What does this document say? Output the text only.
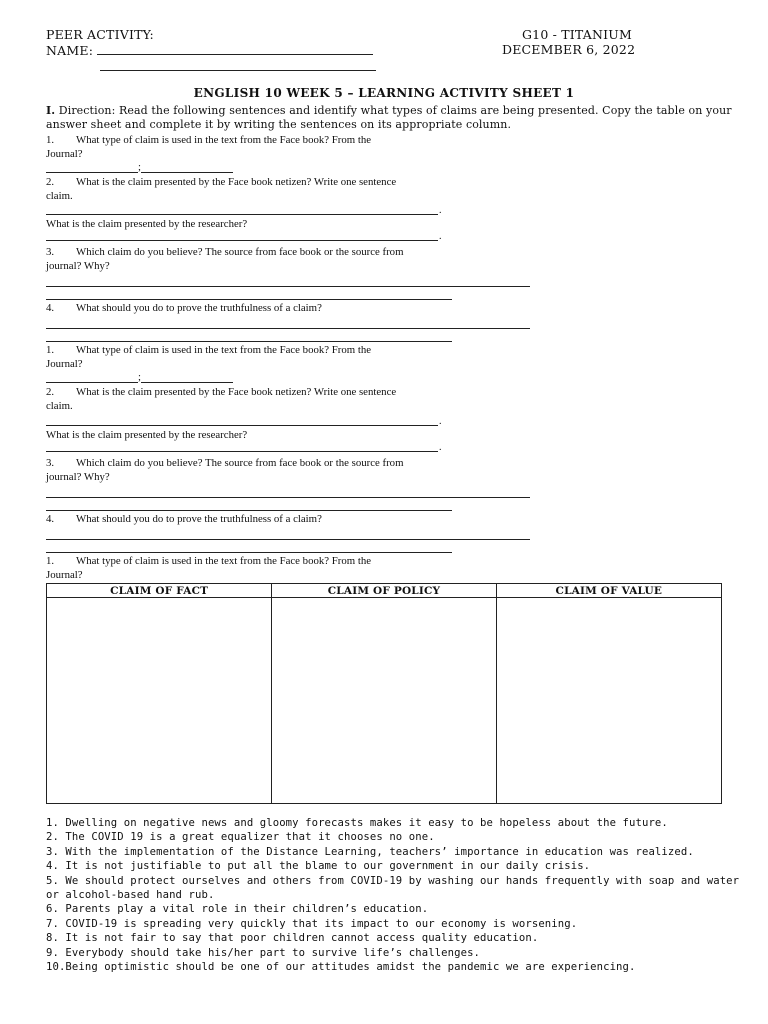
PEER ACTIVITY:
NAME:
G10 - TITANIUM
DECEMBER 6, 2022
ENGLISH 10 WEEK 5 – LEARNING ACTIVITY SHEET 1
I. Direction: Read the following sentences and identify what types of claims are being presented. Copy the table on your answer sheet and complete it by writing the sentences on its appropriate column.
1. What type of claim is used in the text from the Face book? From the
Journal?
;
2. What is the claim presented by the Face book netizen? Write one sentence
claim.
.
What is the claim presented by the researcher?
.
3. Which claim do you believe? The source from face book or the source from
journal? Why?
4. What should you do to prove the truthfulness of a claim?
1. What type of claim is used in the text from the Face book? From the
Journal?
;
2. What is the claim presented by the Face book netizen? Write one sentence
claim.
.
What is the claim presented by the researcher?
.
3. Which claim do you believe? The source from face book or the source from
journal? Why?
4. What should you do to prove the truthfulness of a claim?
1. What type of claim is used in the text from the Face book? From the
Journal?
CLAIM OF FACT	CLAIM OF POLICY	CLAIM OF VALUE

1. Dwelling on negative news and gloomy forecasts makes it easy to be hopeless about the future.
2. The COVID 19 is a great equalizer that it chooses no one.
3. With the implementation of the Distance Learning, teachers’ importance in education was realized.
4. It is not justifiable to put all the blame to our government in our daily crisis.
5. We should protect ourselves and others from COVID-19 by washing our hands frequently with soap and water or alcohol-based hand rub.
6. Parents play a vital role in their children’s education.
7. COVID-19 is spreading very quickly that its impact to our economy is worsening.
8. It is not fair to say that poor children cannot access quality education.
9. Everybody should take his/her part to survive life’s challenges.
10.Being optimistic should be one of our attitudes amidst the pandemic we are experiencing.
